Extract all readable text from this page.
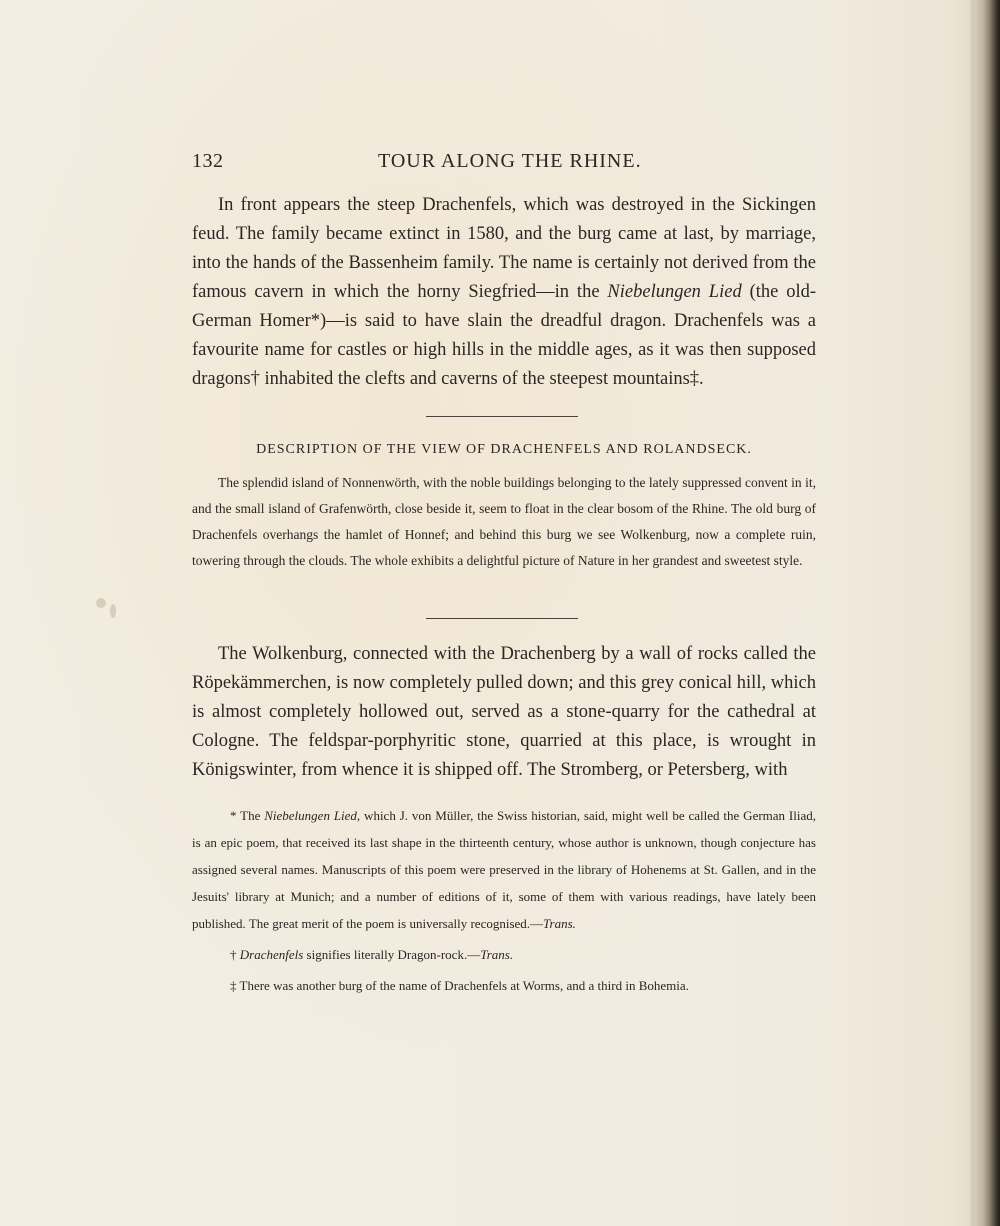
132	TOUR ALONG THE RHINE.

In front appears the steep Drachenfels, which was destroyed in the Sickingen feud. The family became extinct in 1580, and the burg came at last, by marriage, into the hands of the Bassenheim family. The name is certainly not derived from the famous cavern in which the horny Siegfried—in the Niebelungen Lied (the old-German Homer*)—is said to have slain the dreadful dragon. Drachenfels was a favourite name for castles or high hills in the middle ages, as it was then supposed dragons† inhabited the clefts and caverns of the steepest mountains‡.

DESCRIPTION OF THE VIEW OF DRACHENFELS AND ROLANDSECK.

The splendid island of Nonnenwörth, with the noble buildings belonging to the lately suppressed convent in it, and the small island of Grafenwörth, close beside it, seem to float in the clear bosom of the Rhine. The old burg of Drachenfels overhangs the hamlet of Honnef; and behind this burg we see Wolkenburg, now a complete ruin, towering through the clouds. The whole exhibits a delightful picture of Nature in her grandest and sweetest style.

The Wolkenburg, connected with the Drachenberg by a wall of rocks called the Röpekämmerchen, is now completely pulled down; and this grey conical hill, which is almost completely hollowed out, served as a stone-quarry for the cathedral at Cologne. The feldspar-porphyritic stone, quarried at this place, is wrought in Königswinter, from whence it is shipped off. The Stromberg, or Petersberg, with

* The Niebelungen Lied, which J. von Müller, the Swiss historian, said, might well be called the German Iliad, is an epic poem, that received its last shape in the thirteenth century, whose author is unknown, though conjecture has assigned several names. Manuscripts of this poem were preserved in the library of Hohenems at St. Gallen, and in the Jesuits' library at Munich; and a number of editions of it, some of them with various readings, have lately been published. The great merit of the poem is universally recognised.—Trans.

† Drachenfels signifies literally Dragon-rock.—Trans.

‡ There was another burg of the name of Drachenfels at Worms, and a third in Bohemia.
